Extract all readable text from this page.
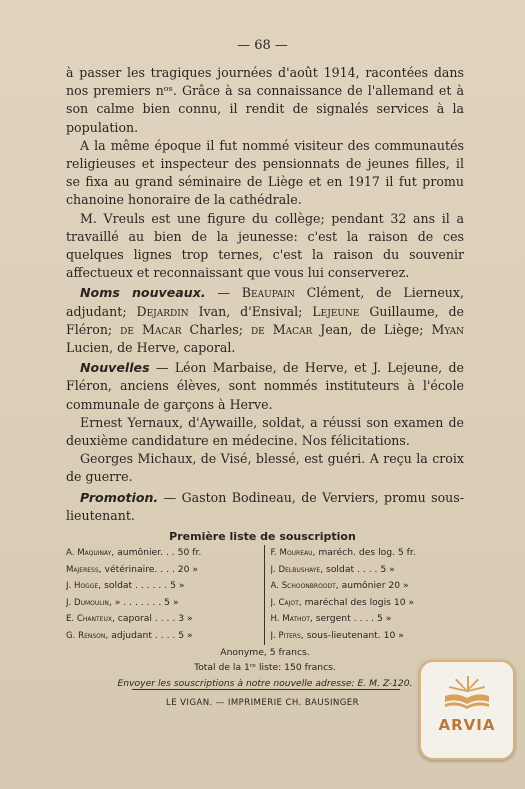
— 68 —

à passer les tragiques journées d'août 1914, racontées dans nos premiers nᵒˢ. Grâce à sa connaissance de l'allemand et à son calme bien connu, il rendit de signalés services à la population.

A la même époque il fut nommé visiteur des communautés religieuses et inspecteur des pensionnats de jeunes filles, il se fixa au grand séminaire de Liège et en 1917 il fut promu chanoine honoraire de la cathédrale.

M. Vreuls est une figure du collège; pendant 32 ans il a travaillé au bien de la jeunesse: c'est la raison de ces quelques lignes trop ternes, c'est la raison du souvenir affectueux et reconnaissant que vous lui conserverez.

Noms nouveaux. — Beaupain Clément, de Lierneux, adjudant; Dejardin Ivan, d'Ensival; Lejeune Guillaume, de Fléron; de Macar Charles; de Macar Jean, de Liège; Myan Lucien, de Herve, caporal.

Nouvelles — Léon Marbaise, de Herve, et J. Lejeune, de Fléron, anciens élèves, sont nommés instituteurs à l'école communale de garçons à Herve.

Ernest Yernaux, d'Aywaille, soldat, a réussi son examen de deuxième candidature en médecine. Nos félicitations.

Georges Michaux, de Visé, blessé, est guéri. A reçu la croix de guerre.

Promotion. — Gaston Bodineau, de Verviers, promu sous-lieutenant.

Première liste de souscription
A. Maquinay, aumônier. . . 50 fr.
Majeress, vétérinaire. . . . 20 »
J. Hogge, soldat . . . . . . 5 »
J. Dumoulin, » . . . . . . . 5 »
E. Chanteux, caporal . . . . 3 »
G. Renson, adjudant . . . . 5 »
F. Moureau, maréch. des log. 5 fr.
J. Delbushaye, soldat . . . . 5 »
A. Schoonbroodt, aumônier 20 »
J. Cajot, maréchal des logis 10 »
H. Mathot, sergent . . . . 5 »
J. Piters, sous-lieutenant. 10 »
Anonyme, 5 francs.
Total de la 1ʳᵉ liste: 150 francs.
Envoyer les souscriptions à notre nouvelle adresse: E. M. Z-120.
LE VIGAN. — IMPRIMERIE CH. BAUSINGER
ARVIA
